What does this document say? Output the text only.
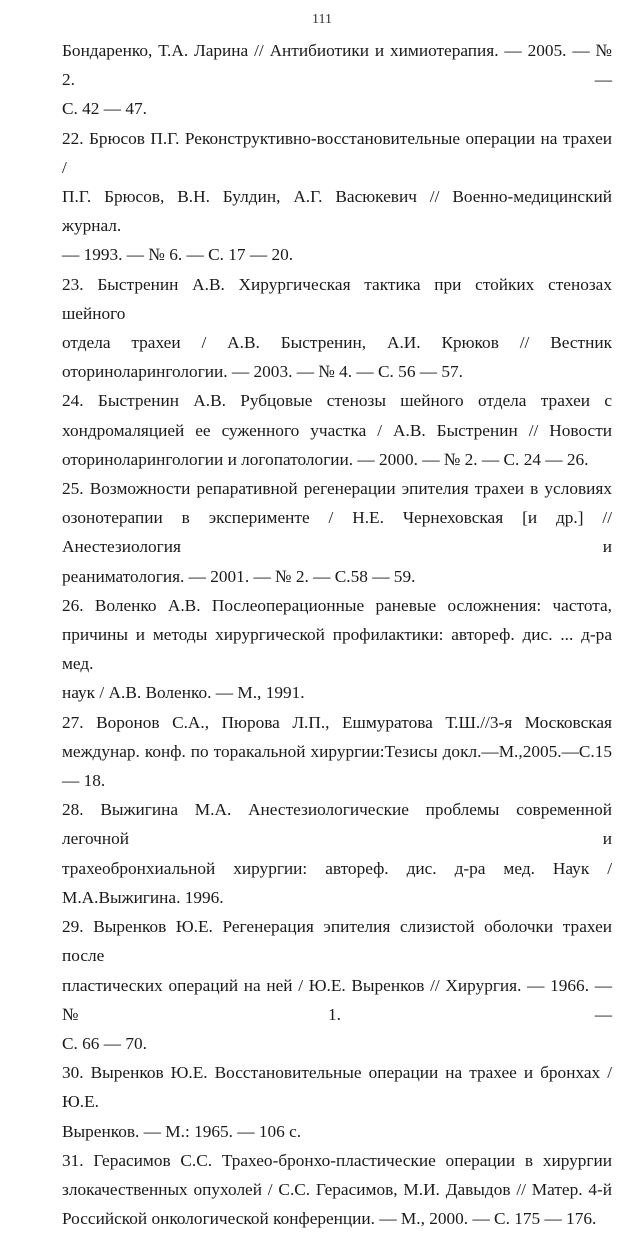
111

Бондаренко, Т.А. Ларина // Антибиотики и химиотерапия. — 2005. — № 2. —

С. 42 — 47.

22. Брюсов П.Г. Реконструктивно-восстановительные операции на трахеи /

П.Г. Брюсов, В.Н. Булдин, А.Г. Васюкевич // Военно-медицинский журнал.

— 1993. — № 6. — С. 17 — 20.

23. Быстренин А.В. Хирургическая тактика при стойких стенозах шейного

отдела трахеи / А.В. Быстренин, А.И. Крюков // Вестник

оториноларингологии. — 2003. — № 4. — С. 56 — 57.

24. Быстренин А.В. Рубцовые стенозы шейного отдела трахеи с

хондромаляцией ее суженного участка / А.В. Быстренин // Новости

оториноларингологии и логопатологии. — 2000. — № 2. — С. 24 — 26.

25. Возможности репаративной регенерации эпителия трахеи в условиях

озонотерапии в эксперименте / Н.Е. Чернеховская [и др.] // Анестезиология и

реаниматология. — 2001. — № 2. — С.58 — 59.

26. Воленко А.В. Послеоперационные раневые осложнения: частота,

причины и методы хирургической профилактики: автореф. дис. ... д-ра мед.

наук / А.В. Воленко. — М., 1991.

27. Воронов С.А., Пюрова Л.П., Ешмуратова Т.Ш.//3-я Московская

междунар. конф. по торакальной хирургии:Тезисы докл.—М.,2005.—С.15— 18.

28. Выжигина М.А. Анестезиологические проблемы современной легочной и

трахеобронхиальной хирургии: автореф. дис. д-ра мед. Наук /

М.А.Выжигина. 1996.

29. Выренков Ю.Е. Регенерация эпителия слизистой оболочки трахеи после

пластических операций на ней / Ю.Е. Выренков // Хирургия. — 1966. — №1. —

С. 66 — 70.

30. Выренков Ю.Е. Восстановительные операции на трахее и бронхах / Ю.Е.

Выренков. — М.: 1965. — 106 с.

31. Герасимов С.С. Трахео-бронхо-пластические операции в хирургии

злокачественных опухолей / С.С. Герасимов, М.И. Давыдов // Матер. 4-й

Российской онкологической конференции. — М., 2000. — С. 175 — 176.
